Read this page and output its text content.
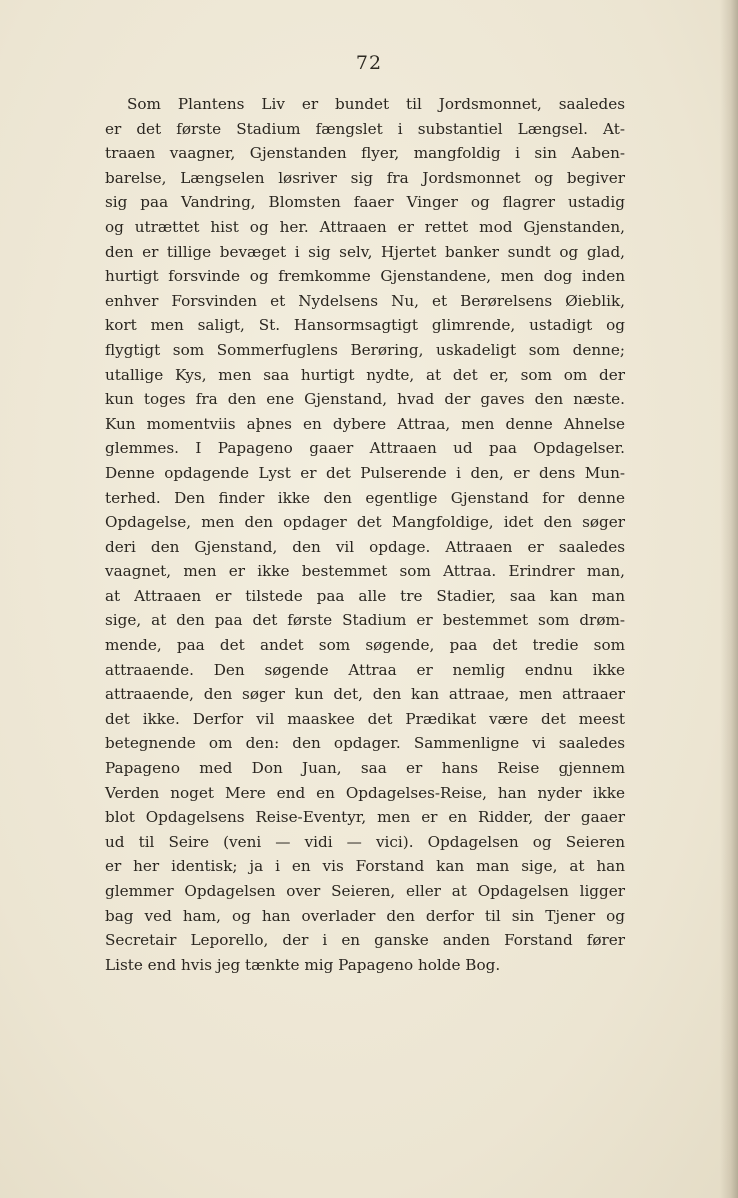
72
Som Plantens Liv er bundet til Jordsmonnet, saaledes
er det første Stadium fængslet i substantiel Længsel. At-
traaen vaagner, Gjenstanden flyer, mangfoldig i sin Aaben-
barelse, Længselen løsriver sig fra Jordsmonnet og begiver
sig paa Vandring, Blomsten faaer Vinger og flagrer ustadig
og utrættet hist og her. Attraaen er rettet mod Gjenstanden,
den er tillige bevæget i sig selv, Hjertet banker sundt og glad,
hurtigt forsvinde og fremkomme Gjenstandene, men dog inden
enhver Forsvinden et Nydelsens Nu, et Berørelsens Øieblik,
kort men saligt, St. Hansormsagtigt glimrende, ustadigt og
flygtigt som Sommerfuglens Berøring, uskadeligt som denne;
utallige Kys, men saa hurtigt nydte, at det er, som om der
kun toges fra den ene Gjenstand, hvad der gaves den næste.
Kun momentviis aþnes en dybere Attraa, men denne Ahnelse
glemmes. I Papageno gaaer Attraaen ud paa Opdagelser.
Denne opdagende Lyst er det Pulserende i den, er dens Mun-
terhed. Den finder ikke den egentlige Gjenstand for denne
Opdagelse, men den opdager det Mangfoldige, idet den søger
deri den Gjenstand, den vil opdage. Attraaen er saaledes
vaagnet, men er ikke bestemmet som Attraa. Erindrer man,
at Attraaen er tilstede paa alle tre Stadier, saa kan man
sige, at den paa det første Stadium er bestemmet som drøm-
mende, paa det andet som søgende, paa det tredie som
attraaende. Den søgende Attraa er nemlig endnu ikke
attraaende, den søger kun det, den kan attraae, men attraaer
det ikke. Derfor vil maaskee det Prædikat være det meest
betegnende om den: den opdager. Sammenligne vi saaledes
Papageno med Don Juan, saa er hans Reise gjennem
Verden noget Mere end en Opdagelses-Reise, han nyder ikke
blot Opdagelsens Reise-Eventyr, men er en Ridder, der gaaer
ud til Seire (veni — vidi — vici). Opdagelsen og Seieren
er her identisk; ja i en vis Forstand kan man sige, at han
glemmer Opdagelsen over Seieren, eller at Opdagelsen ligger
bag ved ham, og han overlader den derfor til sin Tjener og
Secretair Leporello, der i en ganske anden Forstand fører
Liste end hvis jeg tænkte mig Papageno holde Bog.
